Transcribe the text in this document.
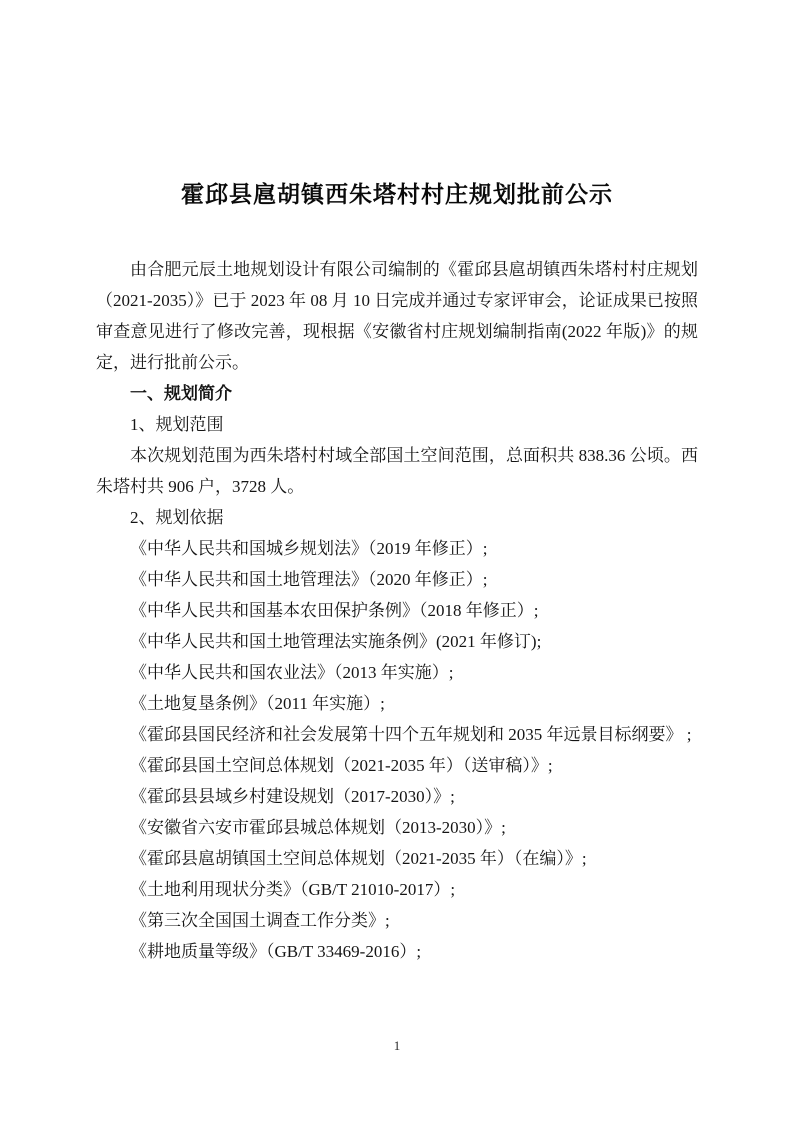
霍邱县扈胡镇西朱塔村村庄规划批前公示

由合肥元辰土地规划设计有限公司编制的《霍邱县扈胡镇西朱塔村村庄规划（2021-2035）》已于 2023 年 08 月 10 日完成并通过专家评审会，论证成果已按照审查意见进行了修改完善，现根据《安徽省村庄规划编制指南(2022 年版)》的规定，进行批前公示。

一、规划简介

1、规划范围

本次规划范围为西朱塔村村域全部国土空间范围，总面积共 838.36 公顷。西朱塔村共 906 户，3728 人。

2、规划依据

《中华人民共和国城乡规划法》（2019 年修正）;

《中华人民共和国土地管理法》（2020 年修正）;

《中华人民共和国基本农田保护条例》（2018 年修正）;

《中华人民共和国土地管理法实施条例》(2021 年修订);

《中华人民共和国农业法》（2013 年实施）;

《土地复垦条例》（2011 年实施）;

《霍邱县国民经济和社会发展第十四个五年规划和 2035 年远景目标纲要》 ;

《霍邱县国土空间总体规划（2021-2035 年）（送审稿）》;

《霍邱县县域乡村建设规划（2017-2030）》;

《安徽省六安市霍邱县城总体规划（2013-2030）》;

《霍邱县扈胡镇国土空间总体规划（2021-2035 年）（在编）》;

《土地利用现状分类》（GB/T 21010-2017）;

《第三次全国国土调查工作分类》;

《耕地质量等级》（GB/T 33469-2016）;

1
